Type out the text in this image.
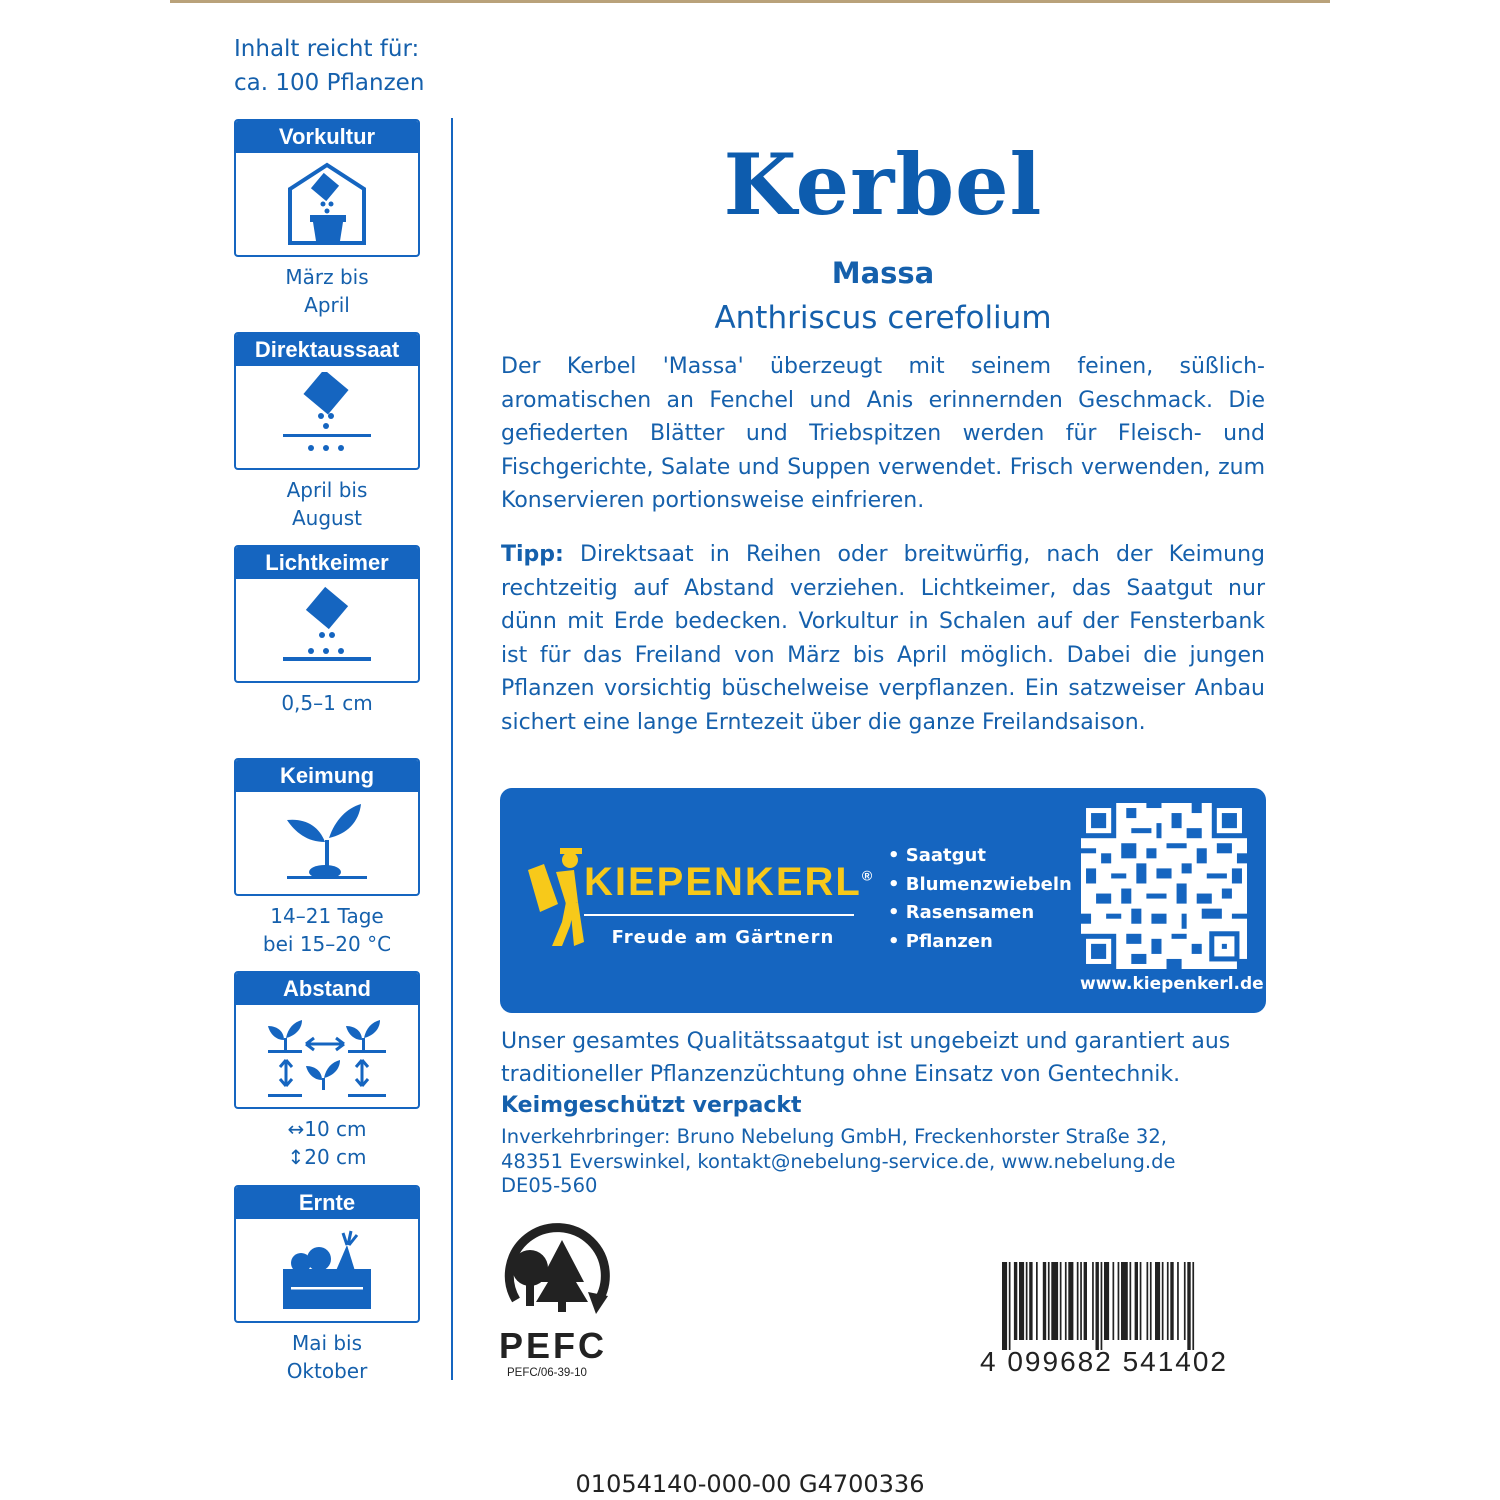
Inhalt reicht für:
ca. 100 Pflanzen
Vorkultur
März bis
April
Direktaussaat
April bis
August
Lichtkeimer
0,5–1 cm
Keimung
14–21 Tage
bei 15–20 °C
Abstand
↔10 cm
↕20 cm
Ernte
Mai bis
Oktober
Kerbel
Massa
Anthriscus cerefolium
Der Kerbel 'Massa' überzeugt mit seinem feinen, süßlich-aromatischen an Fenchel und Anis erinnernden Geschmack. Die gefiederten Blätter und Triebspitzen werden für Fleisch- und Fischgerichte, Salate und Suppen verwendet. Frisch verwenden, zum Konservieren portionsweise einfrieren.
Tipp: Direktsaat in Reihen oder breitwürfig, nach der Keimung rechtzeitig auf Abstand verziehen. Lichtkeimer, das Saatgut nur dünn mit Erde bedecken. Vorkultur in Schalen auf der Fensterbank ist für das Freiland von März bis April möglich. Dabei die jungen Pflanzen vorsichtig büschelweise verpflanzen. Ein satzweiser Anbau sichert eine lange Erntezeit über die ganze Freilandsaison.
KIEPENKERL®
Freude am Gärtnern
• Saatgut
• Blumenzwiebeln
• Rasensamen
• Pflanzen
www.kiepenkerl.de
Unser gesamtes Qualitätssaatgut ist ungebeizt und garantiert aus traditioneller Pflanzenzüchtung ohne Einsatz von Gentechnik.
Keimgeschützt verpackt
Inverkehrbringer: Bruno Nebelung GmbH, Freckenhorster Straße 32,
48351 Everswinkel, kontakt@nebelung-service.de, www.nebelung.de
DE05-560
PEFC
PEFC/06-39-10	4 099682 541402
01054140-000-00 G4700336
